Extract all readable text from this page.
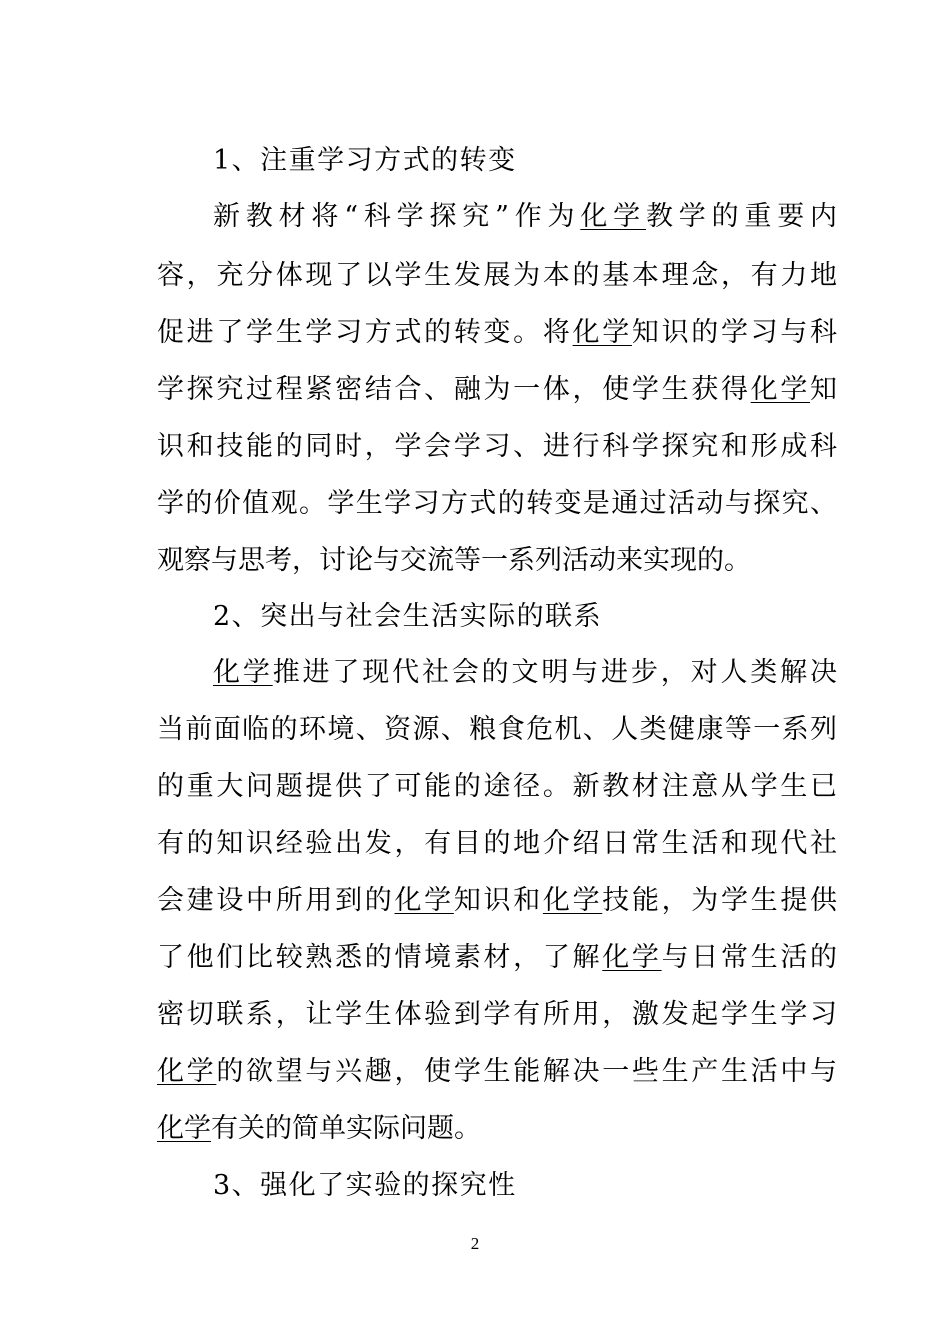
1、注重学习方式的转变
新教材将“科学探究”作为化学教学的重要内
容，充分体现了以学生发展为本的基本理念，有力地
促进了学生学习方式的转变。将化学知识的学习与科
学探究过程紧密结合、融为一体，使学生获得化学知
识和技能的同时，学会学习、进行科学探究和形成科
学的价值观。学生学习方式的转变是通过活动与探究、
观察与思考，讨论与交流等一系列活动来实现的。
2、突出与社会生活实际的联系
化学推进了现代社会的文明与进步，对人类解决
当前面临的环境、资源、粮食危机、人类健康等一系列
的重大问题提供了可能的途径。新教材注意从学生已
有的知识经验出发，有目的地介绍日常生活和现代社
会建设中所用到的化学知识和化学技能，为学生提供
了他们比较熟悉的情境素材，了解化学与日常生活的
密切联系，让学生体验到学有所用，激发起学生学习
化学的欲望与兴趣，使学生能解决一些生产生活中与
化学有关的简单实际问题。
3、强化了实验的探究性
2
